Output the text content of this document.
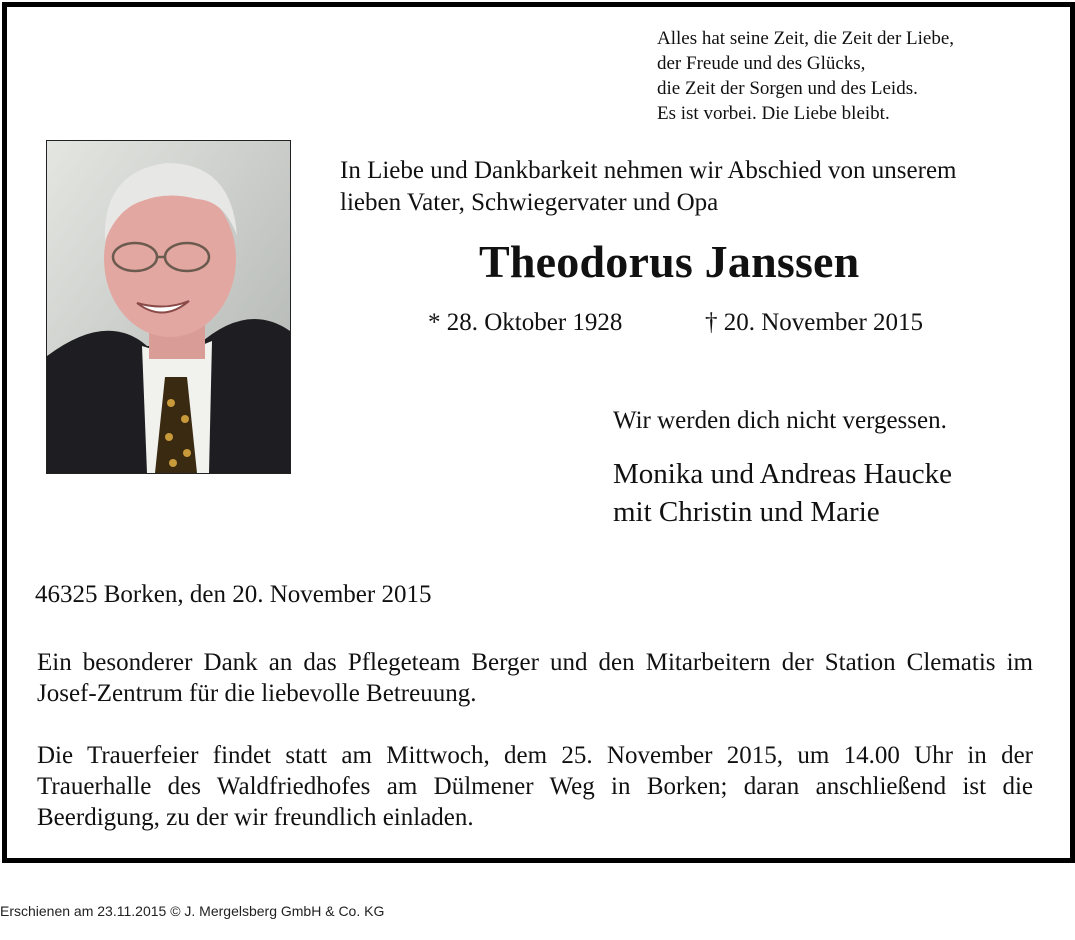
Alles hat seine Zeit, die Zeit der Liebe,
der Freude und des Glücks,
die Zeit der Sorgen und des Leids.
Es ist vorbei. Die Liebe bleibt.
In Liebe und Dankbarkeit nehmen wir Abschied von unserem
lieben Vater, Schwiegervater und Opa
Theodorus Janssen
* 28. Oktober 1928	† 20. November 2015
Wir werden dich nicht vergessen.
Monika und Andreas Haucke
mit Christin und Marie
46325 Borken, den 20. November 2015

Ein besonderer Dank an das Pflegeteam Berger und den Mitarbeitern der Station Clematis im Josef-Zentrum für die liebevolle Betreuung.

Die Trauerfeier findet statt am Mittwoch, dem 25. November 2015, um 14.00 Uhr in der Trauerhalle des Waldfriedhofes am Dülmener Weg in Borken; daran anschließend ist die Beerdigung, zu der wir freundlich einladen.

Erschienen am 23.11.2015 © J. Mergelsberg GmbH & Co. KG
